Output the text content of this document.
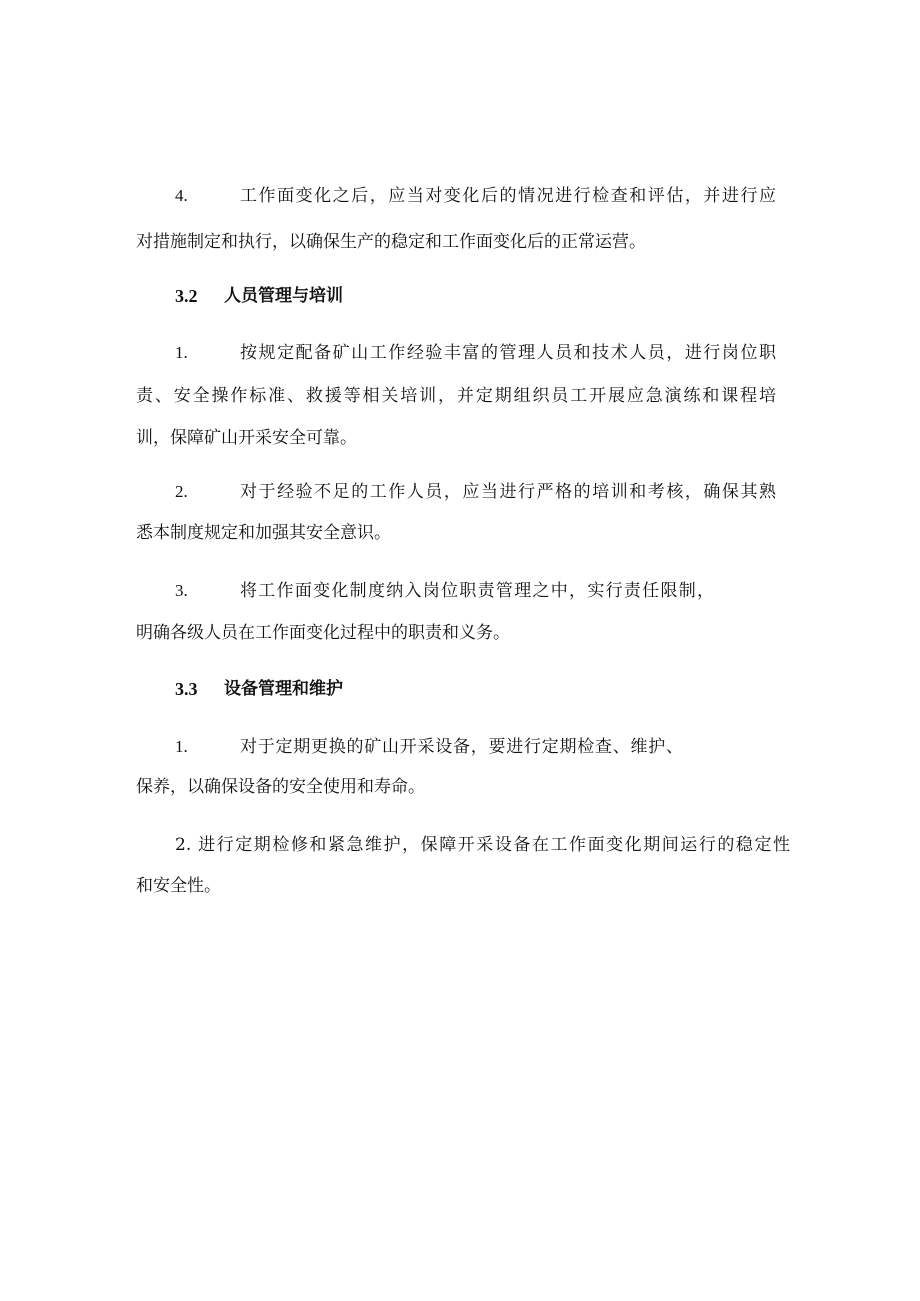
4.	工作面变化之后，应当对变化后的情况进行检查和评估，并进行应
对措施制定和执行，以确保生产的稳定和工作面变化后的正常运营。
3.2 人员管理与培训
1.	按规定配备矿山工作经验丰富的管理人员和技术人员，进行岗位职
责、安全操作标准、救援等相关培训，并定期组织员工开展应急演练和课程培
训，保障矿山开采安全可靠。
2.	对于经验不足的工作人员，应当进行严格的培训和考核，确保其熟
悉本制度规定和加强其安全意识。
3.	将工作面变化制度纳入岗位职责管理之中，实行责任限制，
明确各级人员在工作面变化过程中的职责和义务。
3.3 设备管理和维护
1.	对于定期更换的矿山开采设备，要进行定期检查、维护、
保养，以确保设备的安全使用和寿命。
2. 进行定期检修和紧急维护，保障开采设备在工作面变化期间运行的稳定性
和安全性。
